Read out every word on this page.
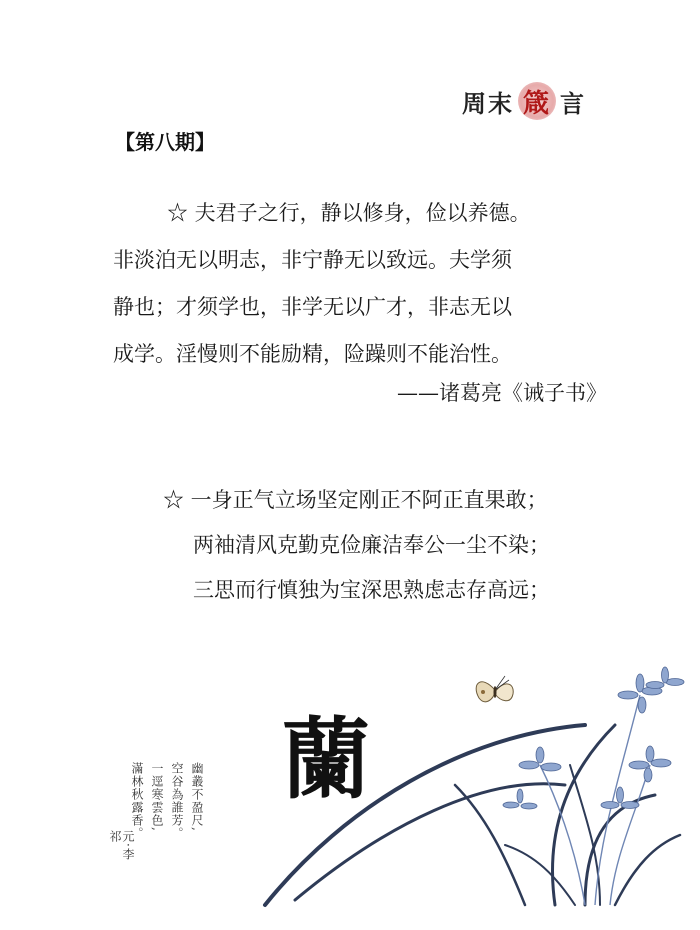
周末 箴 言
【第八期】
☆ 夫君子之行，静以修身，俭以养德。
非淡泊无以明志，非宁静无以致远。夫学须
静也；才须学也，非学无以广才，非志无以
成学。淫慢则不能励精，险躁则不能治性。
——诸葛亮《诫子书》
☆ 一身正气立场坚定刚正不阿正直果敢；
两袖清风克勤克俭廉洁奉公一尘不染；
三思而行慎独为宝深思熟虑志存高远；
幽叢不盈尺,
空谷為誰芳。
一逕寒雲色,
滿林秋露香。
元·李祁
蘭
